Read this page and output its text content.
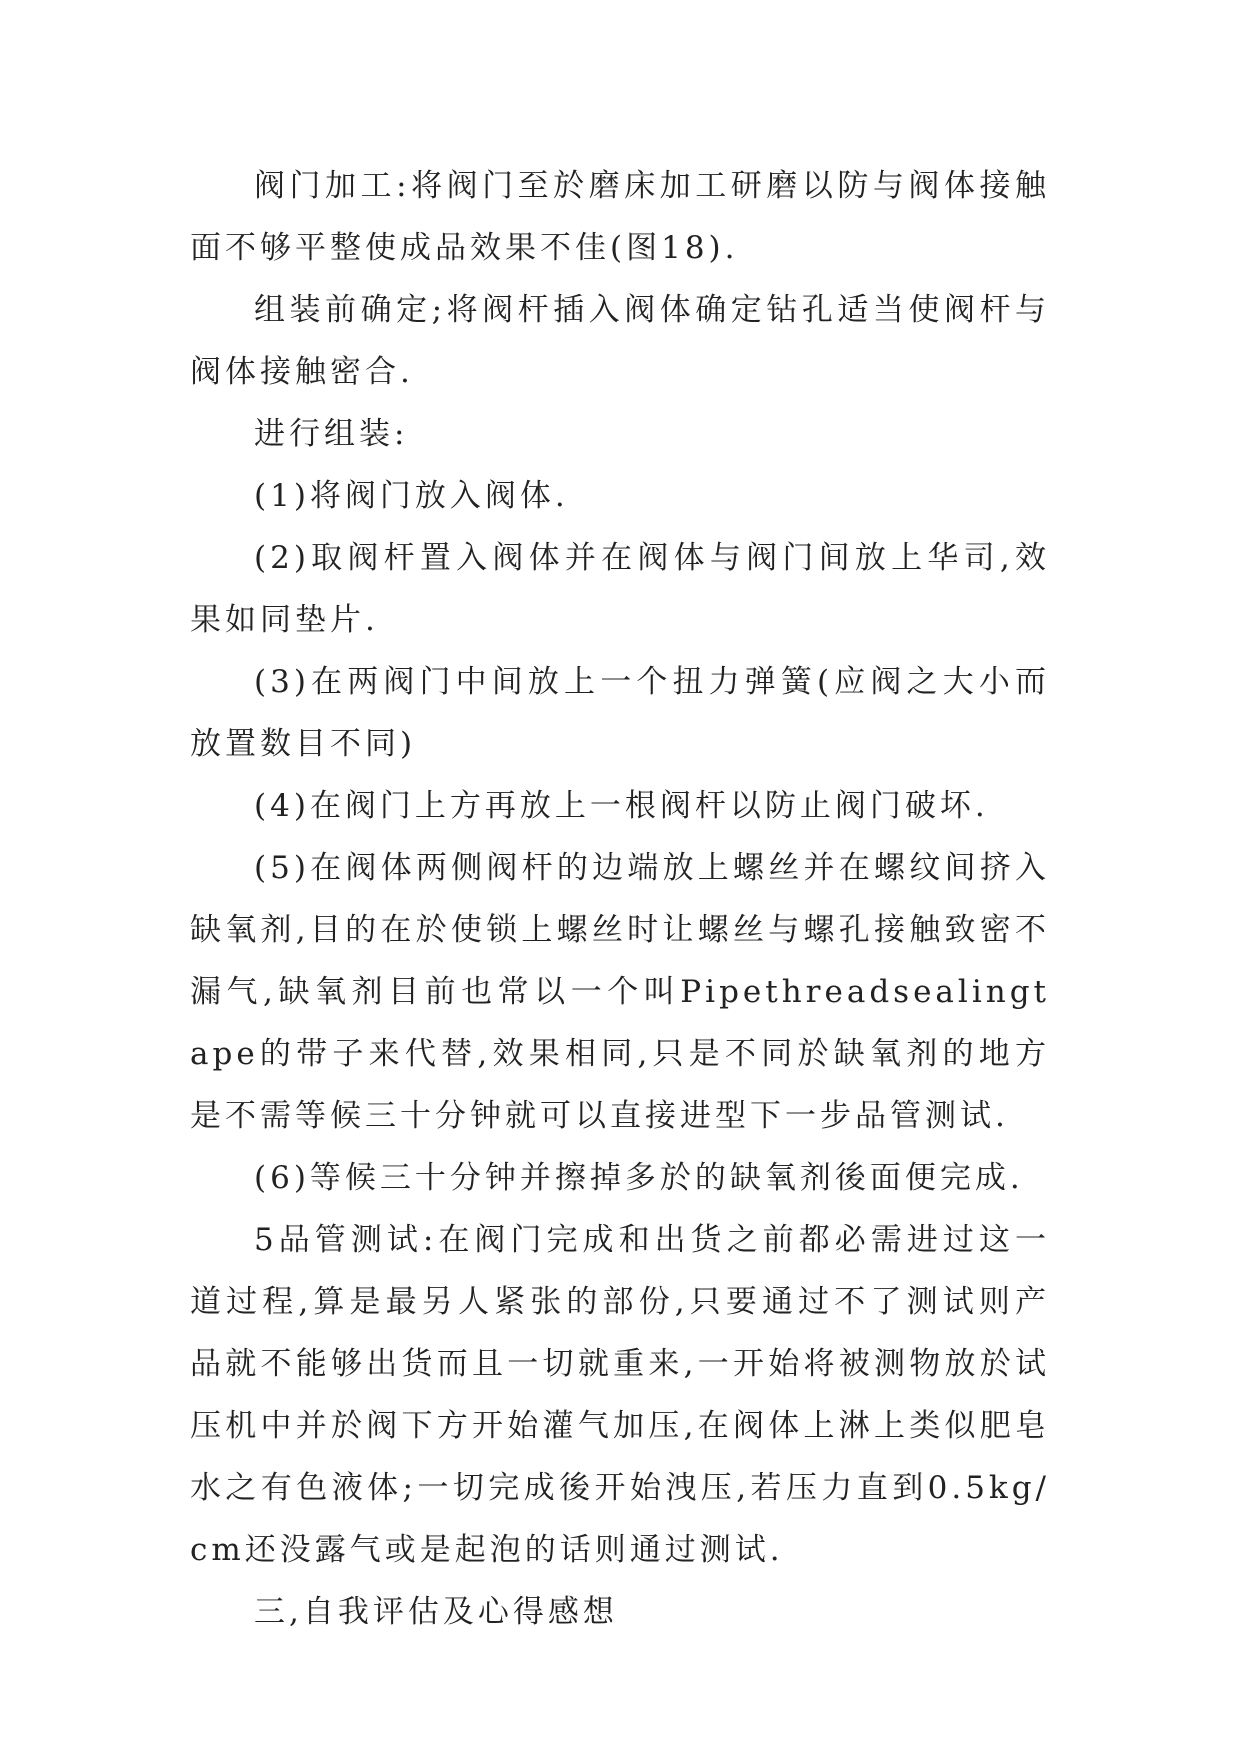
阀门加工:将阀门至於磨床加工研磨以防与阀体接触面不够平整使成品效果不佳(图18).

组装前确定;将阀杆插入阀体确定钻孔适当使阀杆与阀体接触密合.

进行组装:

(1)将阀门放入阀体.

(2)取阀杆置入阀体并在阀体与阀门间放上华司,效果如同垫片.

(3)在两阀门中间放上一个扭力弹簧(应阀之大小而放置数目不同)

(4)在阀门上方再放上一根阀杆以防止阀门破坏.

(5)在阀体两侧阀杆的边端放上螺丝并在螺纹间挤入缺氧剂,目的在於使锁上螺丝时让螺丝与螺孔接触致密不漏气,缺氧剂目前也常以一个叫Pipethreadsealingtape的带子来代替,效果相同,只是不同於缺氧剂的地方是不需等候三十分钟就可以直接进型下一步品管测试.

(6)等候三十分钟并擦掉多於的缺氧剂後面便完成.

5品管测试:在阀门完成和出货之前都必需进过这一道过程,算是最另人紧张的部份,只要通过不了测试则产品就不能够出货而且一切就重来,一开始将被测物放於试压机中并於阀下方开始灌气加压,在阀体上淋上类似肥皂水之有色液体;一切完成後开始洩压,若压力直到0.5kg/cm还没露气或是起泡的话则通过测试.

三,自我评估及心得感想
